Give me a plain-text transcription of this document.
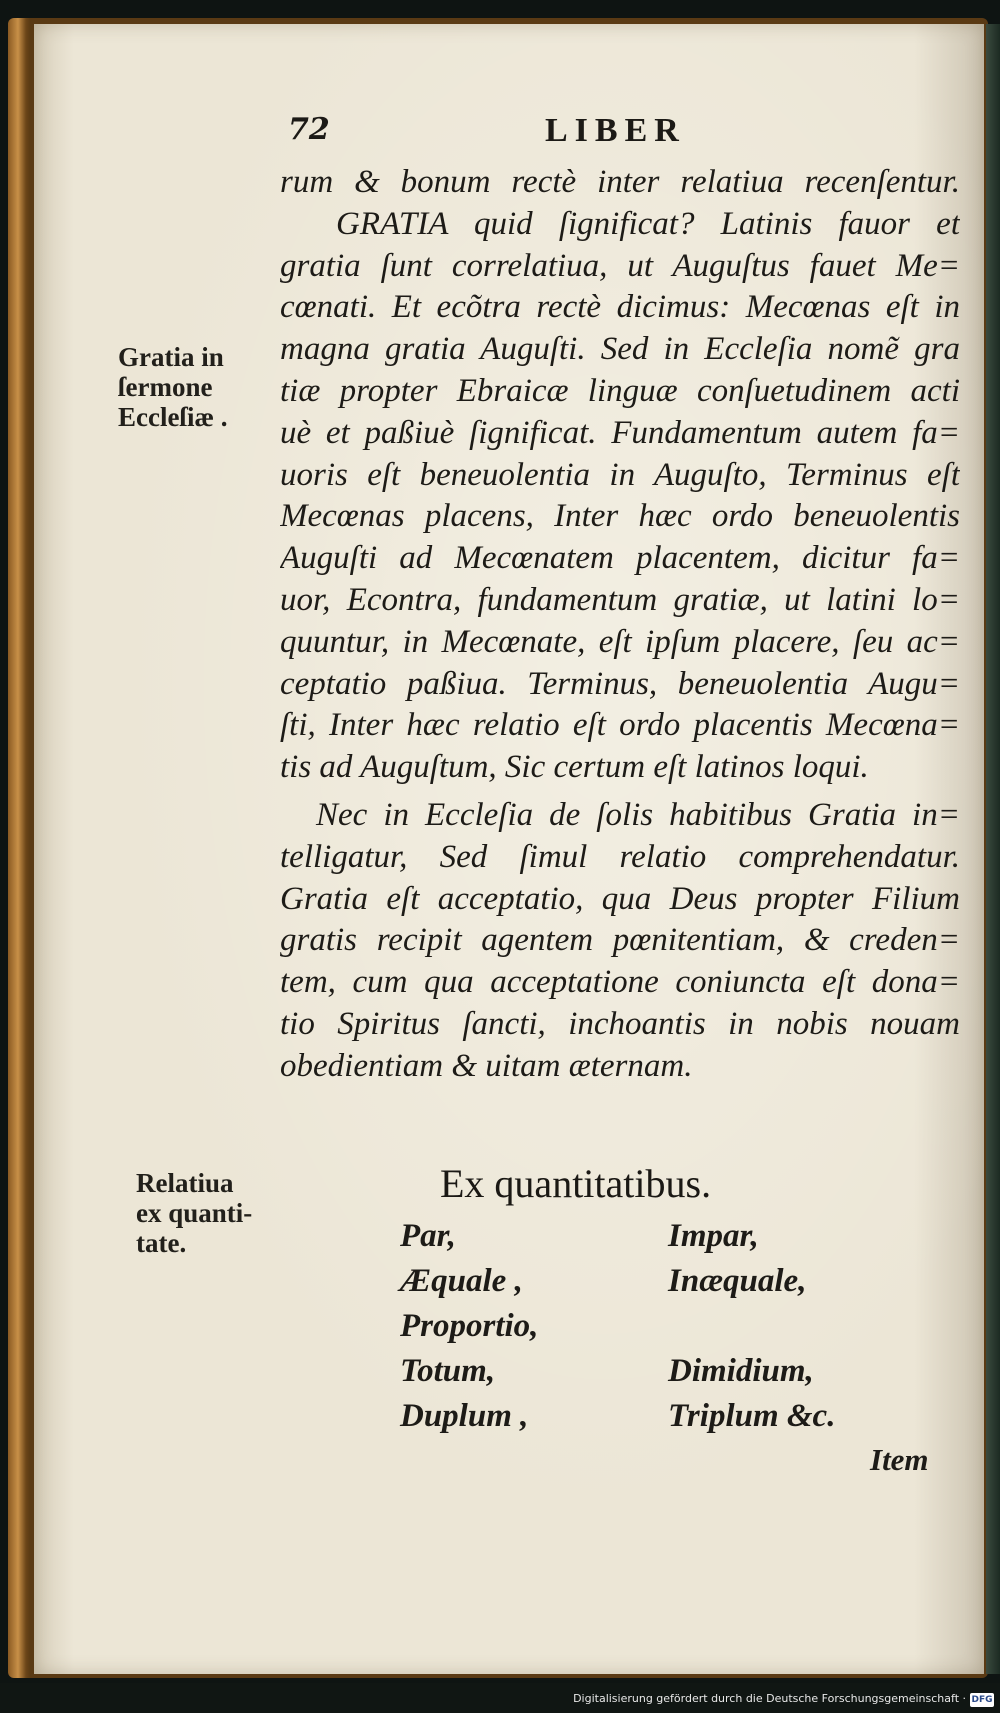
72	LIBER
rum & bonum rectè inter relatiua recenſentur.
GRATIA quid ſignificat? Latinis fauor et
gratia ſunt correlatiua, ut Auguſtus fauet Me=
cœnati. Et ecõtra rectè dicimus: Mecœnas eſt in
magna gratia Auguſti. Sed in Eccleſia nomẽ gra
tiæ propter Ebraicæ linguæ conſuetudinem acti
uè et paßiuè ſignificat. Fundamentum autem fa=
uoris eſt beneuolentia in Auguſto, Terminus eſt
Mecœnas placens, Inter hæc ordo beneuolentis
Auguſti ad Mecœnatem placentem, dicitur fa=
uor, Econtra, fundamentum gratiæ, ut latini lo=
quuntur, in Mecœnate, eſt ipſum placere, ſeu ac=
ceptatio paßiua. Terminus, beneuolentia Augu=
ſti, Inter hæc relatio eſt ordo placentis Mecœna=
tis ad Auguſtum, Sic certum eſt latinos loqui.
Nec in Eccleſia de ſolis habitibus Gratia in=
telligatur, Sed ſimul relatio comprehendatur.
Gratia eſt acceptatio, qua Deus propter Filium
gratis recipit agentem pœnitentiam, & creden=
tem, cum qua acceptatione coniuncta eſt dona=
tio Spiritus ſancti, inchoantis in nobis nouam
obedientiam & uitam æternam.
Gratia in
ſermone
Eccleſiæ .
Relatiua
ex quanti-
tate.
Ex quantitatibus.
Par,	Impar,
Æquale ,	Inæquale,
Proportio,
Totum,	Dimidium,
Duplum ,	Triplum &c.
Item
Digitalisierung gefördert durch die Deutsche Forschungsgemeinschaft · DFG
